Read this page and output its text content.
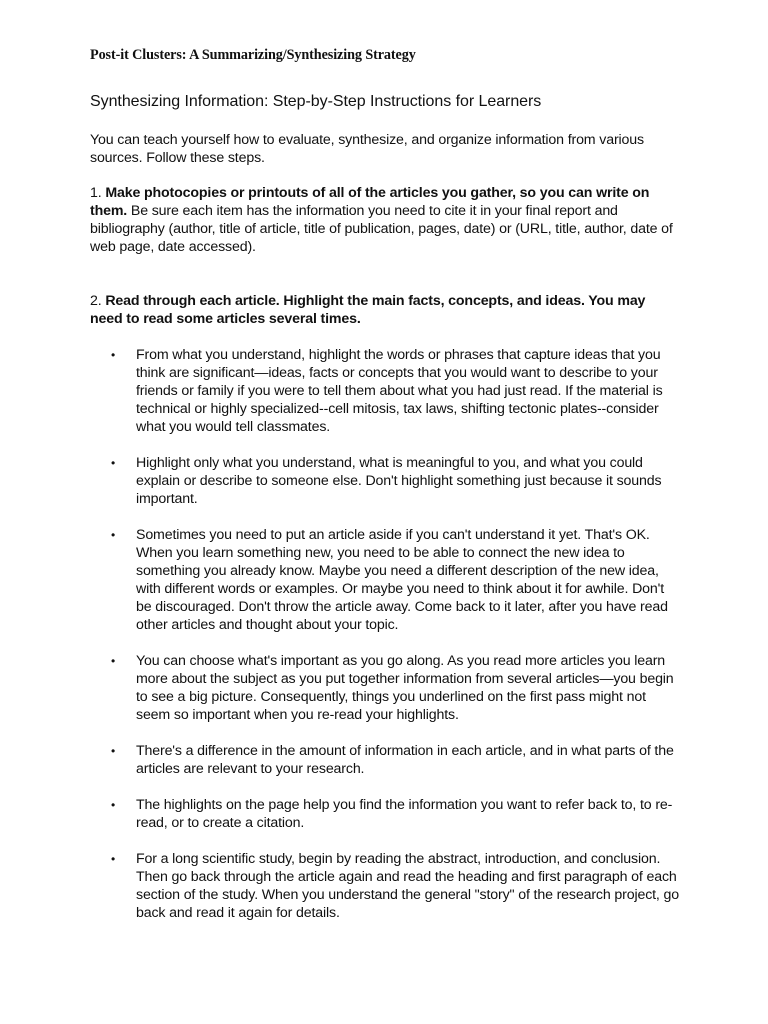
Post-it Clusters: A Summarizing/Synthesizing Strategy
Synthesizing Information: Step-by-Step Instructions for Learners
You can teach yourself how to evaluate, synthesize, and organize information from various sources. Follow these steps.
1. Make photocopies or printouts of all of the articles you gather, so you can write on them. Be sure each item has the information you need to cite it in your final report and bibliography (author, title of article, title of publication, pages, date) or (URL, title, author, date of web page, date accessed).
2. Read through each article. Highlight the main facts, concepts, and ideas. You may need to read some articles several times.
• From what you understand, highlight the words or phrases that capture ideas that you think are significant—ideas, facts or concepts that you would want to describe to your friends or family if you were to tell them about what you had just read. If the material is technical or highly specialized--cell mitosis, tax laws, shifting tectonic plates--consider what you would tell classmates.
• Highlight only what you understand, what is meaningful to you, and what you could explain or describe to someone else. Don't highlight something just because it sounds important.
• Sometimes you need to put an article aside if you can't understand it yet. That's OK. When you learn something new, you need to be able to connect the new idea to something you already know. Maybe you need a different description of the new idea, with different words or examples. Or maybe you need to think about it for awhile. Don't be discouraged. Don't throw the article away. Come back to it later, after you have read other articles and thought about your topic.
• You can choose what's important as you go along. As you read more articles you learn more about the subject as you put together information from several articles—you begin to see a big picture. Consequently, things you underlined on the first pass might not seem so important when you re-read your highlights.
• There's a difference in the amount of information in each article, and in what parts of the articles are relevant to your research.
• The highlights on the page help you find the information you want to refer back to, to re-read, or to create a citation.
• For a long scientific study, begin by reading the abstract, introduction, and conclusion. Then go back through the article again and read the heading and first paragraph of each section of the study. When you understand the general "story" of the research project, go back and read it again for details.
